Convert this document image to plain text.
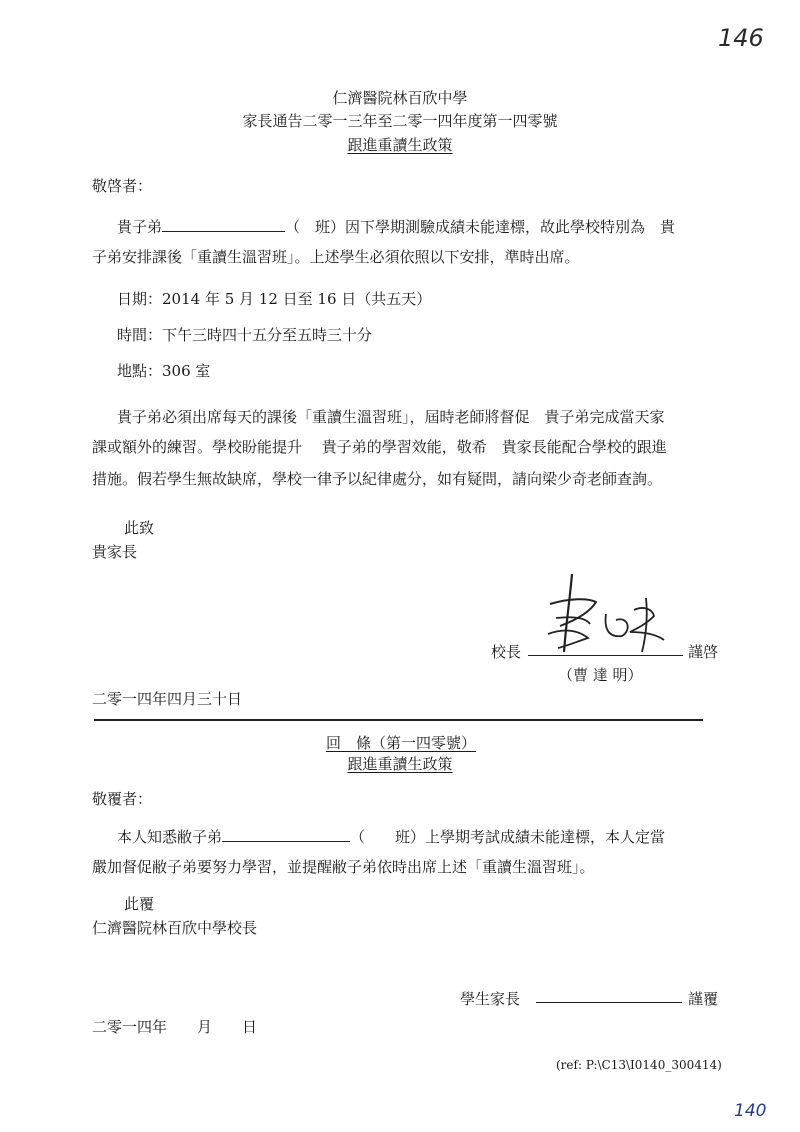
146
仁濟醫院林百欣中學
家長通告二零一三年至二零一四年度第一四零號
跟進重讀生政策
敬啓者：
貴子弟	（　班）因下學期測驗成績未能達標，故此學校特別為　貴
子弟安排課後「重讀生溫習班」。上述學生必須依照以下安排，準時出席。
日期：2014 年 5 月 12 日至 16 日（共五天）
時間：下午三時四十五分至五時三十分
地點：306 室
貴子弟必須出席每天的課後「重讀生溫習班」，屆時老師將督促　貴子弟完成當天家
課或額外的練習。學校盼能提升　 貴子弟的學習效能，敬希　貴家長能配合學校的跟進
措施。假若學生無故缺席，學校一律予以紀律處分，如有疑問，請向梁少奇老師查詢。
此致
貴家長
校長	謹啓
（曹 達 明）
二零一四年四月三十日
回　條（第一四零號）
跟進重讀生政策
敬覆者：
本人知悉敝子弟	（　　班）上學期考試成績未能達標，本人定當
嚴加督促敝子弟要努力學習，並提醒敝子弟依時出席上述「重讀生溫習班」。
此覆
仁濟醫院林百欣中學校長
學生家長	謹覆
二零一四年　　月　　日
(ref: P:\C13\I0140_300414)
140
